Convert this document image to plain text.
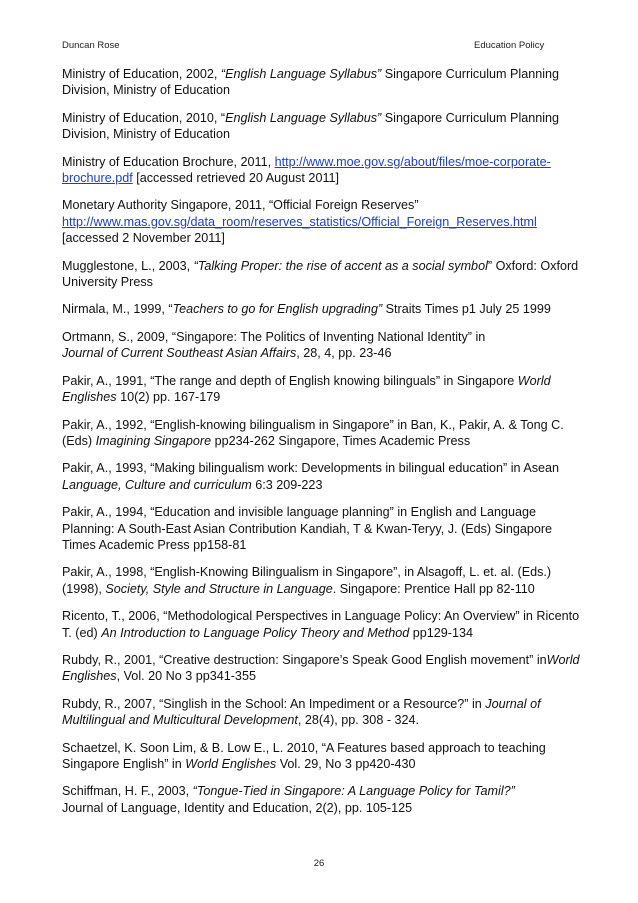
Duncan Rose	Education Policy
Ministry of Education, 2002, “English Language Syllabus” Singapore Curriculum Planning
Division, Ministry of Education
Ministry of Education, 2010, “English Language Syllabus” Singapore Curriculum Planning
Division, Ministry of Education
Ministry of Education Brochure, 2011, http://www.moe.gov.sg/about/files/moe-corporate-
brochure.pdf [accessed retrieved 20 August 2011]
Monetary Authority Singapore, 2011, “Official Foreign Reserves”
http://www.mas.gov.sg/data_room/reserves_statistics/Official_Foreign_Reserves.html
[accessed 2 November 2011]
Mugglestone, L., 2003, “Talking Proper: the rise of accent as a social symbol” Oxford: Oxford
University Press
Nirmala, M., 1999, “Teachers to go for English upgrading” Straits Times p1 July 25 1999
Ortmann, S., 2009, “Singapore: The Politics of Inventing National Identity” in
Journal of Current Southeast Asian Affairs, 28, 4, pp. 23-46
Pakir, A., 1991, “The range and depth of English knowing bilinguals” in Singapore World
Englishes 10(2) pp. 167-179
Pakir, A., 1992, “English-knowing bilingualism in Singapore” in Ban, K., Pakir, A. & Tong C.
(Eds) Imagining Singapore pp234-262 Singapore, Times Academic Press
Pakir, A., 1993, “Making bilingualism work: Developments in bilingual education” in Asean
Language, Culture and curriculum 6:3 209-223
Pakir, A., 1994, “Education and invisible language planning” in English and Language
Planning: A South-East Asian Contribution Kandiah, T & Kwan-Teryy, J. (Eds) Singapore
Times Academic Press pp158-81
Pakir, A., 1998, “English-Knowing Bilingualism in Singapore”, in Alsagoff, L. et. al. (Eds.)
(1998), Society, Style and Structure in Language. Singapore: Prentice Hall pp 82-110
Ricento, T., 2006, “Methodological Perspectives in Language Policy: An Overview” in Ricento
T. (ed) An Introduction to Language Policy Theory and Method pp129-134
Rubdy, R., 2001, “Creative destruction: Singapore’s Speak Good English movement” inWorld
Englishes, Vol. 20 No 3 pp341-355
Rubdy, R., 2007, “Singlish in the School: An Impediment or a Resource?” in Journal of
Multilingual and Multicultural Development, 28(4), pp. 308 - 324.
Schaetzel, K. Soon Lim, & B. Low E., L. 2010, “A Features based approach to teaching
Singapore English” in World Englishes Vol. 29, No 3 pp420-430
Schiffman, H. F., 2003, “Tongue-Tied in Singapore: A Language Policy for Tamil?”
Journal of Language, Identity and Education, 2(2), pp. 105-125
26
